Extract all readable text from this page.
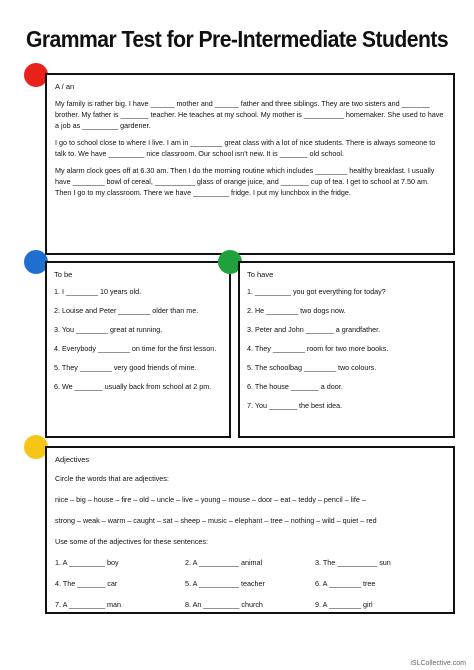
Grammar Test for Pre-Intermediate Students
A / an

My family is rather big. I have ______ mother and ______ father and three siblings. They are two sisters and _______ brother. My father is _______ teacher. He teaches at my school. My mother is __________ homemaker. She used to have a job as _________ gardener.

I go to school close to where I live. I am in ________ great class with a lot of nice students. There is always someone to talk to. We have _________ nice classroom. Our school isn't new. It is _______ old school.

My alarm clock goes off at 6.30 am. Then I do the morning routine which includes ________ healthy breakfast. I usually have ________ bowl of cereal, __________ glass of orange juice, and _______ cup of tea. I get to school at 7.50 am. Then I go to my classroom. There we have _________ fridge. I put my lunchbox in the fridge.

To be
1. I ________ 10 years old.
2. Louise and Peter ________ older than me.
3. You ________ great at running.
4. Everybody ________ on time for the first lesson.
5. They ________ very good friends of mine.
6. We _______ usually back from school at 2 pm.
To have
1. _________ you got everything for today?
2. He ________ two dogs now.
3. Peter and John _______ a grandfather.
4. They ________ room for two more books.
5. The schoolbag ________ two colours.
6. The house _______ a door.
7. You _______ the best idea.
Adjectives
Circle the words that are adjectives:
nice – big – house – fire – old – uncle – live – young – mouse – door – eat – teddy – pencil – life –
strong – weak – warm – caught – sat – sheep – music – elephant – tree – nothing – wild – quiet – red
Use some of the adjectives for these sentences:
1. A _________ boy	2. A __________ animal	3. The __________ sun
4. The _______ car	5. A __________ teacher	6. A ________ tree
7. A _________ man	8. An _________ church	9. A ________ girl
iSLCollective.com
